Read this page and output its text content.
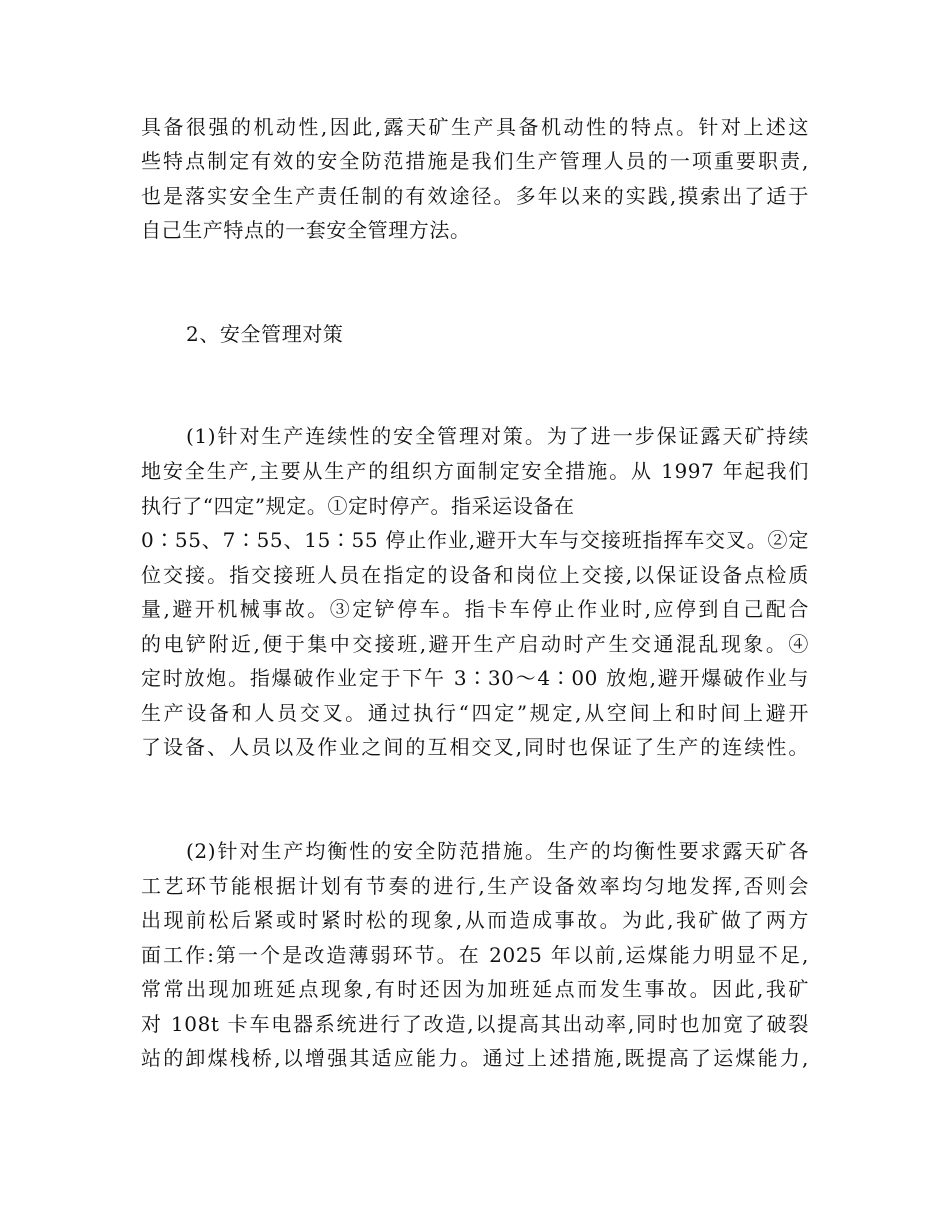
具备很强的机动性,因此,露天矿生产具备机动性的特点。针对上述这
些特点制定有效的安全防范措施是我们生产管理人员的一项重要职责,
也是落实安全生产责任制的有效途径。多年以来的实践,摸索出了适于
自己生产特点的一套安全管理方法。
2、安全管理对策
(1)针对生产连续性的安全管理对策。为了进一步保证露天矿持续
地安全生产,主要从生产的组织方面制定安全措施。从 1997 年起我们
执行了“四定”规定。①定时停产。指采运设备在
0∶55、7∶55、15∶55 停止作业,避开大车与交接班指挥车交叉。②定
位交接。指交接班人员在指定的设备和岗位上交接,以保证设备点检质
量,避开机械事故。③定铲停车。指卡车停止作业时,应停到自己配合
的电铲附近,便于集中交接班,避开生产启动时产生交通混乱现象。④
定时放炮。指爆破作业定于下午 3∶30～4∶00 放炮,避开爆破作业与
生产设备和人员交叉。通过执行“四定”规定,从空间上和时间上避开
了设备、人员以及作业之间的互相交叉,同时也保证了生产的连续性。
(2)针对生产均衡性的安全防范措施。生产的均衡性要求露天矿各
工艺环节能根据计划有节奏的进行,生产设备效率均匀地发挥,否则会
出现前松后紧或时紧时松的现象,从而造成事故。为此,我矿做了两方
面工作:第一个是改造薄弱环节。在 2025 年以前,运煤能力明显不足,
常常出现加班延点现象,有时还因为加班延点而发生事故。因此,我矿
对 108t 卡车电器系统进行了改造,以提高其出动率,同时也加宽了破裂
站的卸煤栈桥,以增强其适应能力。通过上述措施,既提高了运煤能力,
